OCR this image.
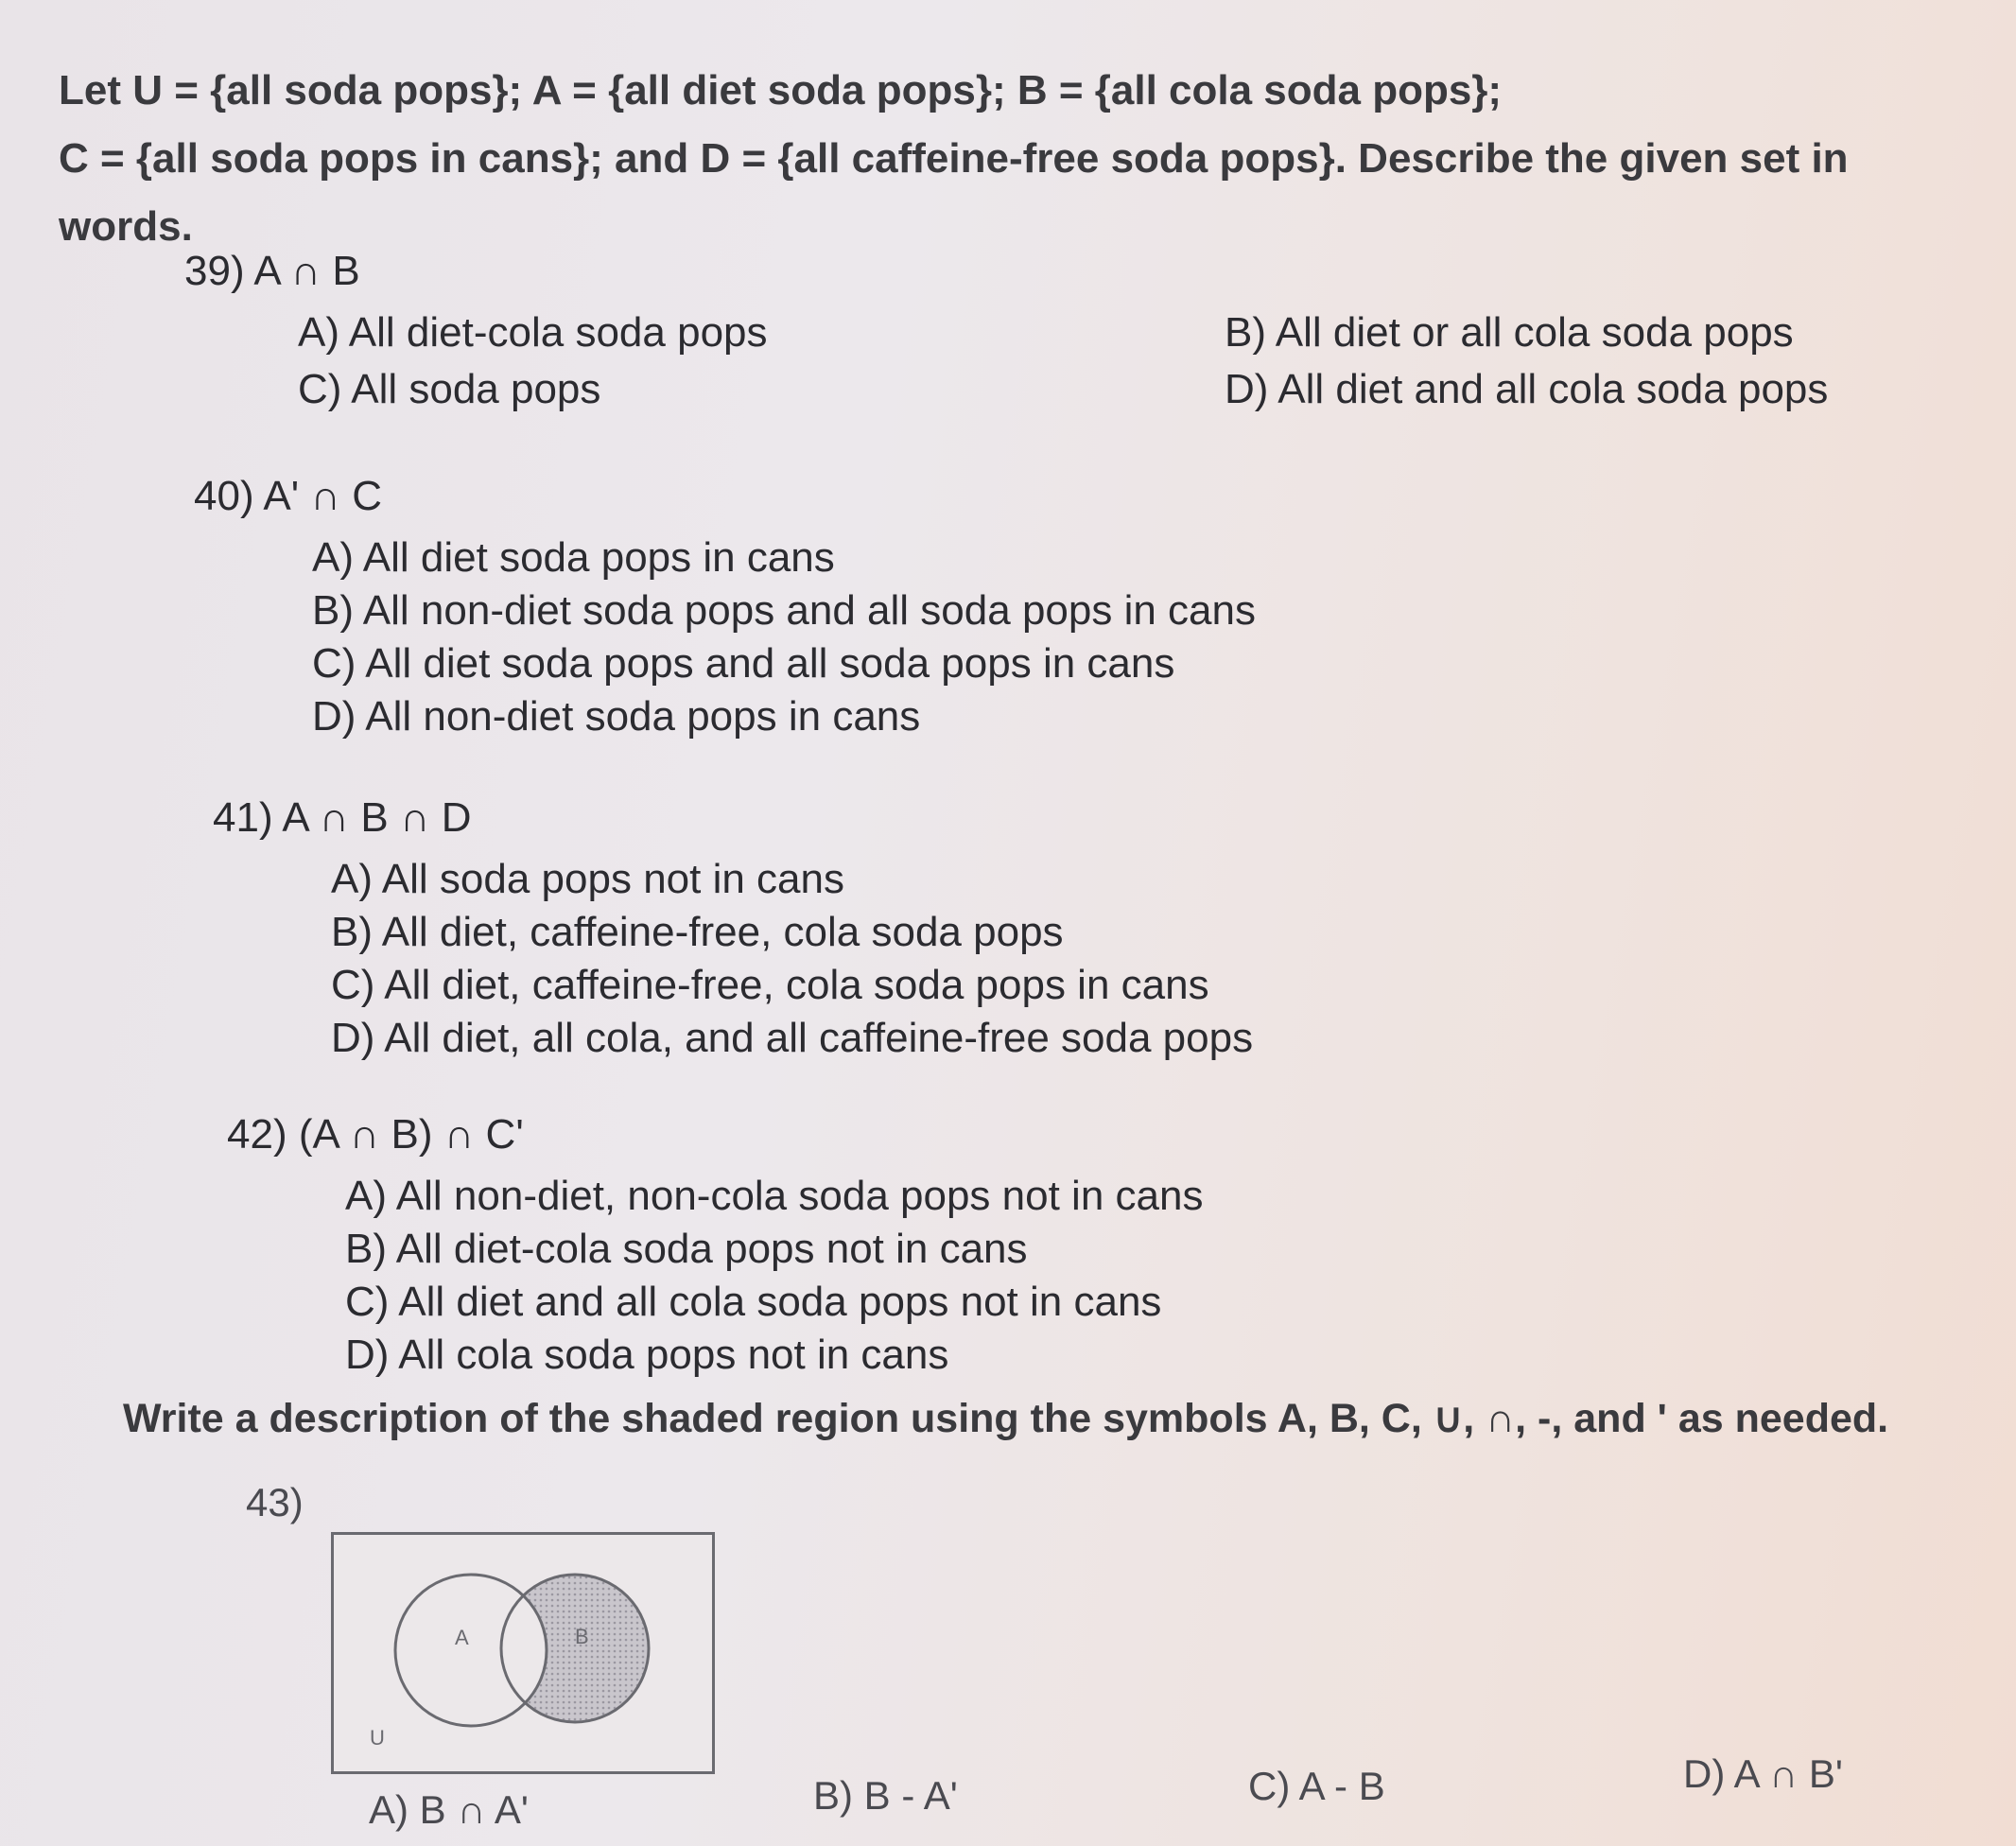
Let U = {all soda pops}; A = {all diet soda pops}; B = {all cola soda pops};
C = {all soda pops in cans}; and D = {all caffeine-free soda pops}. Describe the given set in
words.
39) A ∩ B
A) All diet-cola soda pops	B) All diet or all cola soda pops
C) All soda pops	D) All diet and all cola soda pops
40) A' ∩ C
A) All diet soda pops in cans
B) All non-diet soda pops and all soda pops in cans
C) All diet soda pops and all soda pops in cans
D) All non-diet soda pops in cans
41) A ∩ B ∩ D
A) All soda pops not in cans
B) All diet, caffeine-free, cola soda pops
C) All diet, caffeine-free, cola soda pops in cans
D) All diet, all cola, and all caffeine-free soda pops
42) (A ∩ B) ∩ C'
A) All non-diet, non-cola soda pops not in cans
B) All diet-cola soda pops not in cans
C) All diet and all cola soda pops not in cans
D) All cola soda pops not in cans
Write a description of the shaded region using the symbols A, B, C, ∪, ∩, -, and ' as needed.
43)
A	B
U
A) B ∩ A'	B) B - A'	C) A - B	D) A ∩ B'
